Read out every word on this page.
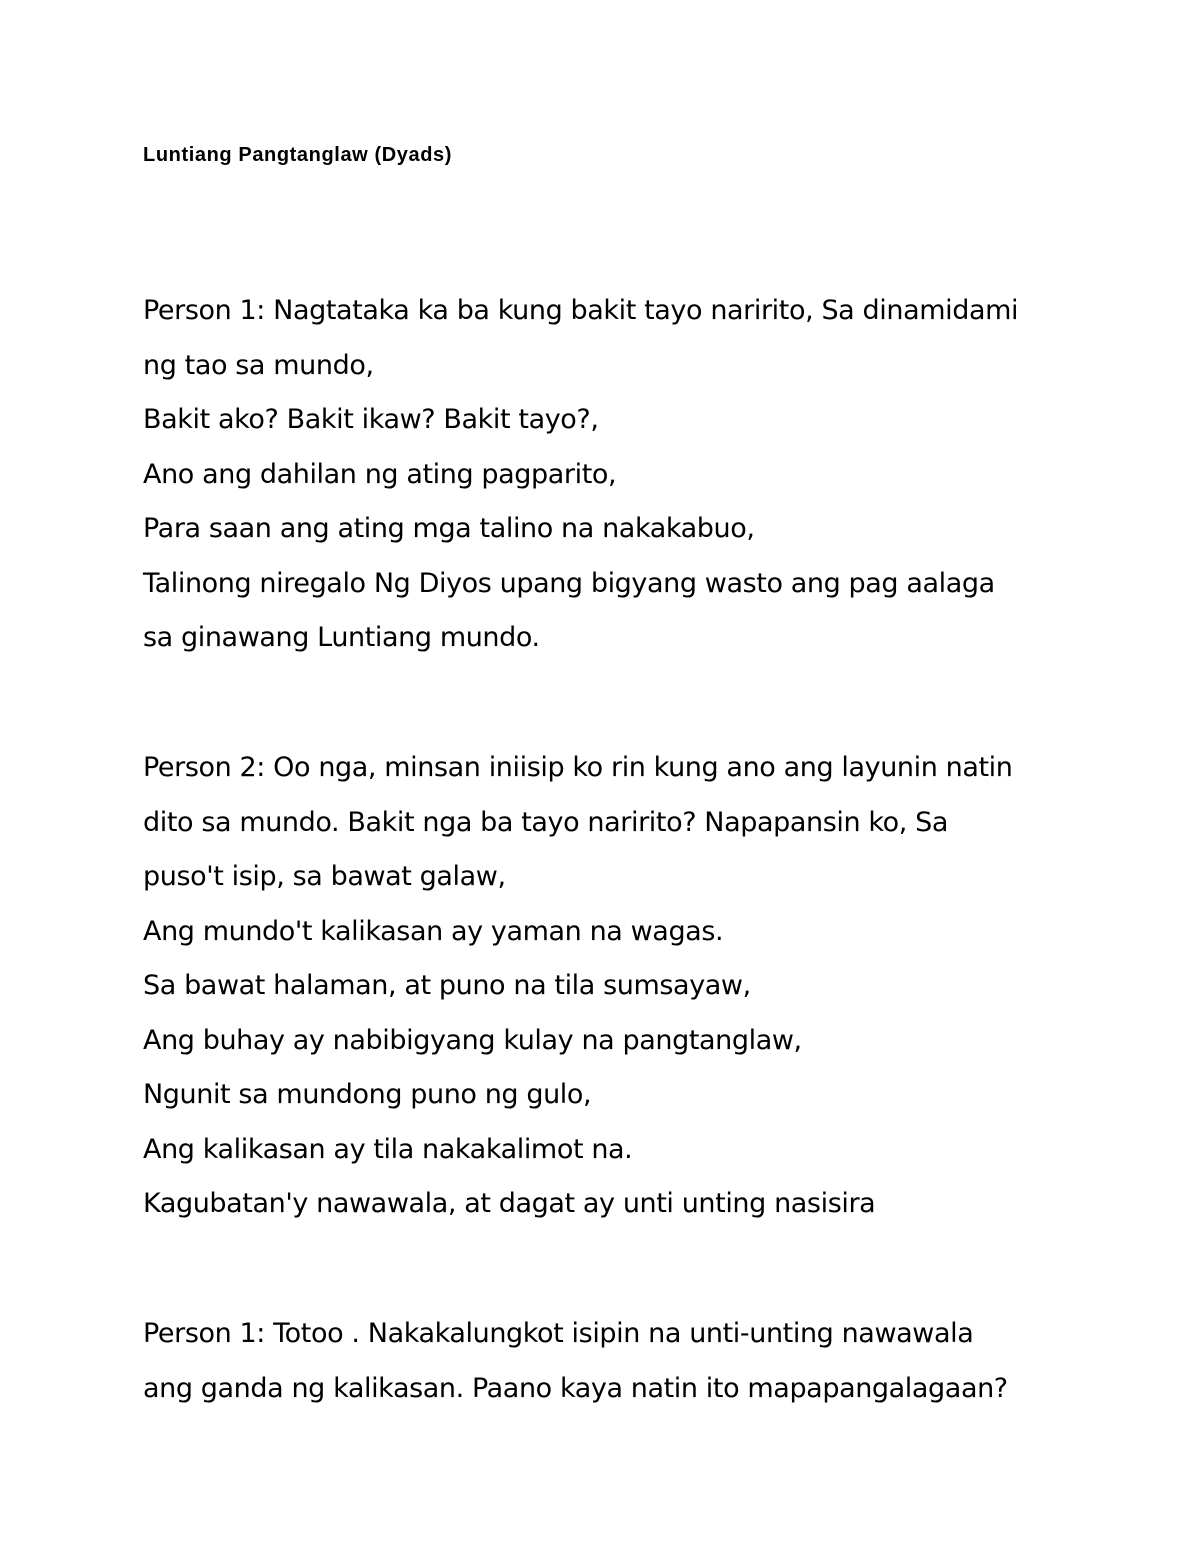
Luntiang Pangtanglaw (Dyads)
Person 1: Nagtataka ka ba kung bakit tayo naririto, Sa dinamidami
ng tao sa mundo,
Bakit ako? Bakit ikaw? Bakit tayo?,
Ano ang dahilan ng ating pagparito,
Para saan ang ating mga talino na nakakabuo,
Talinong niregalo Ng Diyos upang bigyang wasto ang pag aalaga
sa ginawang Luntiang mundo.
Person 2: Oo nga, minsan iniisip ko rin kung ano ang layunin natin
dito sa mundo. Bakit nga ba tayo naririto? Napapansin ko, Sa
puso't isip, sa bawat galaw,
Ang mundo't kalikasan ay yaman na wagas.
Sa bawat halaman, at puno na tila sumsayaw,
Ang buhay ay nabibigyang kulay na pangtanglaw,
Ngunit sa mundong puno ng gulo,
Ang kalikasan ay tila nakakalimot na.
Kagubatan'y nawawala, at dagat ay unti unting nasisira
Person 1: Totoo . Nakakalungkot isipin na unti-unting nawawala
ang ganda ng kalikasan. Paano kaya natin ito mapapangalagaan?
